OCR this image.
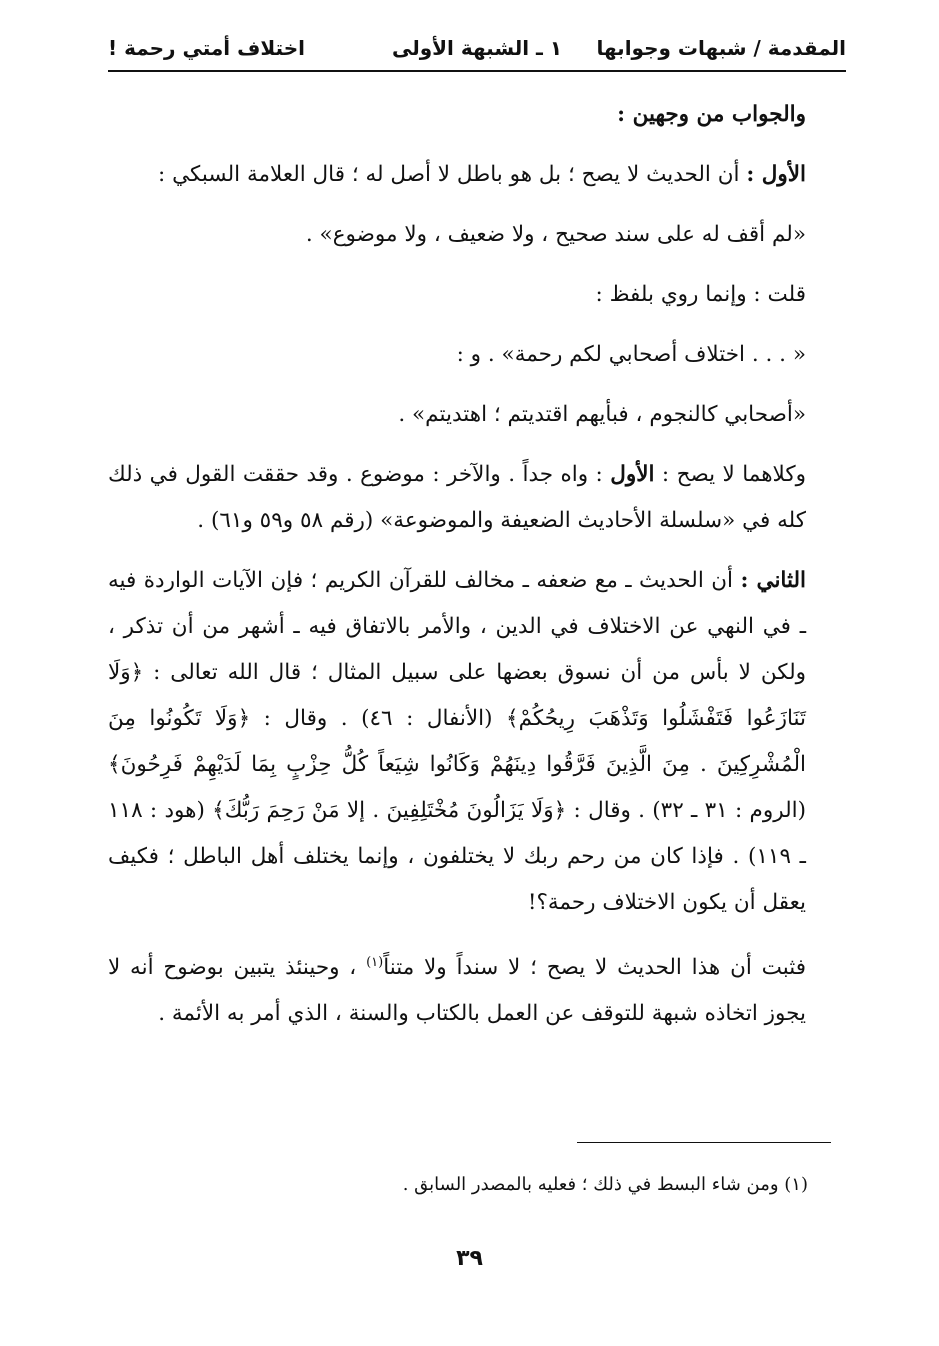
المقدمة / شبهات وجوابها
١ ـ الشبهة الأولى
اختلاف أمتي رحمة !

والجواب من وجهين :

الأول : أن الحديث لا يصح ؛ بل هو باطل لا أصل له ؛ قال العلامة السبكي :

«لم أقف له على سند صحيح ، ولا ضعيف ، ولا موضوع» .

قلت : وإنما روي بلفظ :

« . . . اختلاف أصحابي لكم رحمة» . و :

«أصحابي كالنجوم ، فبأيهم اقتديتم ؛ اهتديتم» .

وكلاهما لا يصح : الأول : واه جداً . والآخر : موضوع . وقد حققت القول في ذلك كله في «سلسلة الأحاديث الضعيفة والموضوعة» (رقم ٥٨ و٥٩ و٦١) .

الثاني : أن الحديث ـ مع ضعفه ـ مخالف للقرآن الكريم ؛ فإن الآيات الواردة فيه ـ في النهي عن الاختلاف في الدين ، والأمر بالاتفاق فيه ـ أشهر من أن تذكر ، ولكن لا بأس من أن نسوق بعضها على سبيل المثال ؛ قال الله تعالى : ﴿وَلَا تَنَازَعُوا فَتَفْشَلُوا وَتَذْهَبَ رِيحُكُمْ﴾ (الأنفال : ٤٦) . وقال : ﴿وَلَا تَكُونُوا مِنَ الْمُشْرِكِينَ . مِنَ الَّذِينَ فَرَّقُوا دِينَهُمْ وَكَانُوا شِيَعاً كُلُّ حِزْبٍ بِمَا لَدَيْهِمْ فَرِحُونَ﴾ (الروم : ٣١ ـ ٣٢) . وقال : ﴿وَلَا يَزَالُونَ مُخْتَلِفِينَ . إلا مَنْ رَحِمَ رَبُّكَ﴾ (هود : ١١٨ ـ ١١٩) . فإذا كان من رحم ربك لا يختلفون ، وإنما يختلف أهل الباطل ؛ فكيف يعقل أن يكون الاختلاف رحمة؟!

فثبت أن هذا الحديث لا يصح ؛ لا سنداً ولا متناً$^{(١)}$ ، وحينئذ يتبين بوضوح أنه لا يجوز اتخاذه شبهة للتوقف عن العمل بالكتاب والسنة ، الذي أمر به الأئمة .

(١) ومن شاء البسط في ذلك ؛ فعليه بالمصدر السابق .
٣٩
